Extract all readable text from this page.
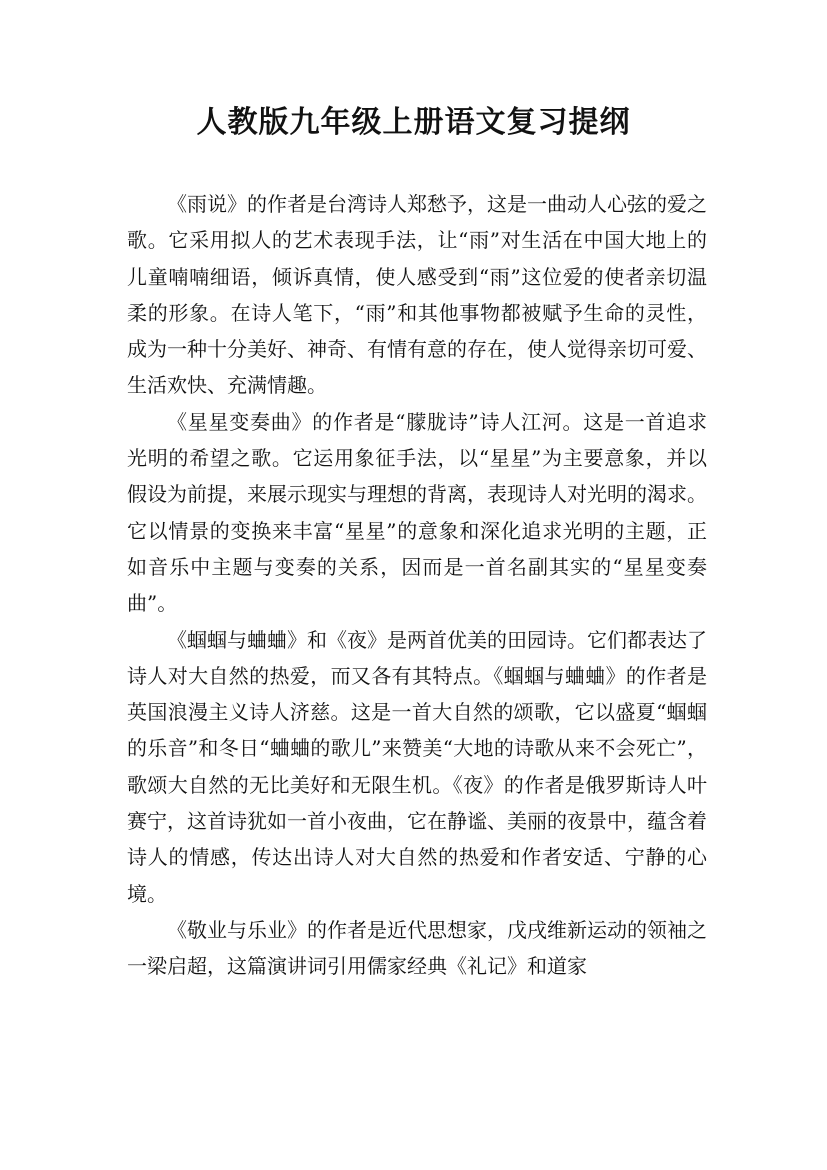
人教版九年级上册语文复习提纲

《雨说》的作者是台湾诗人郑愁予，这是一曲动人心弦的爱之歌。它采用拟人的艺术表现手法，让“雨”对生活在中国大地上的儿童喃喃细语，倾诉真情，使人感受到“雨”这位爱的使者亲切温柔的形象。在诗人笔下，“雨”和其他事物都被赋予生命的灵性，成为一种十分美好、神奇、有情有意的存在，使人觉得亲切可爱、生活欢快、充满情趣。

《星星变奏曲》的作者是“朦胧诗”诗人江河。这是一首追求光明的希望之歌。它运用象征手法，以“星星”为主要意象，并以假设为前提，来展示现实与理想的背离，表现诗人对光明的渴求。它以情景的变换来丰富“星星”的意象和深化追求光明的主题，正如音乐中主题与变奏的关系，因而是一首名副其实的“星星变奏曲”。

《蝈蝈与蛐蛐》和《夜》是两首优美的田园诗。它们都表达了诗人对大自然的热爱，而又各有其特点。《蝈蝈与蛐蛐》的作者是英国浪漫主义诗人济慈。这是一首大自然的颂歌，它以盛夏“蝈蝈的乐音”和冬日“蛐蛐的歌儿”来赞美“大地的诗歌从来不会死亡”，歌颂大自然的无比美好和无限生机。《夜》的作者是俄罗斯诗人叶赛宁，这首诗犹如一首小夜曲，它在静谧、美丽的夜景中，蕴含着诗人的情感，传达出诗人对大自然的热爱和作者安适、宁静的心境。

《敬业与乐业》的作者是近代思想家，戊戌维新运动的领袖之一梁启超，这篇演讲词引用儒家经典《礼记》和道家
